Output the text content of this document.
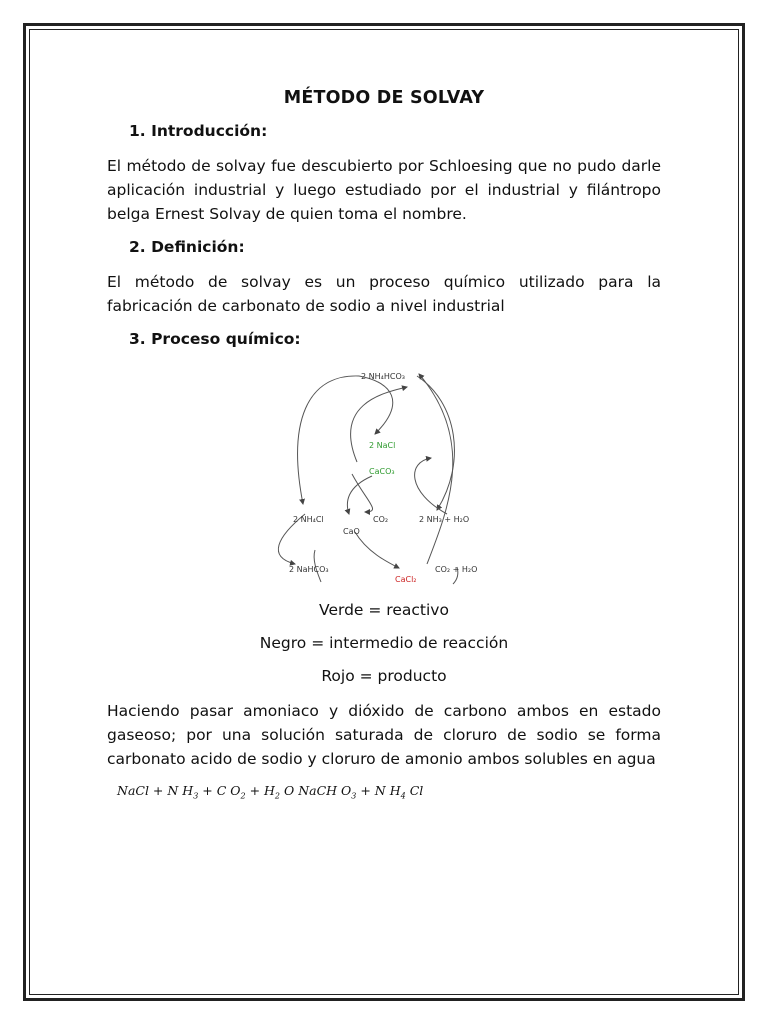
MÉTODO DE SOLVAY
1. Introducción:

El método de solvay fue descubierto por Schloesing que no pudo darle aplicación industrial y luego estudiado por el industrial y filántropo belga Ernest Solvay de quien toma el nombre.

2. Definición:

El método de solvay es un proceso químico utilizado para la fabricación de carbonato de sodio a nivel industrial

3. Proceso químico:
2 NH₄HCO₃
2 NaCl
CaCO₃
2 NH₄Cl	CO₂	2 NH₃ + H₂O
CaO
2 NaHCO₃
CaCl₂
CO₂ + H₂O

Verde = reactivo

Negro = intermedio de reacción

Rojo = producto

Haciendo pasar amoniaco y dióxido de carbono ambos en estado gaseoso; por una solución saturada de cloruro de sodio se forma carbonato acido de sodio y cloruro de amonio ambos solubles en agua

NaCl + N $H_3 + C$ $O_2 + H_2$ O NaCH $O_3 + N$ $H_4$ Cl
